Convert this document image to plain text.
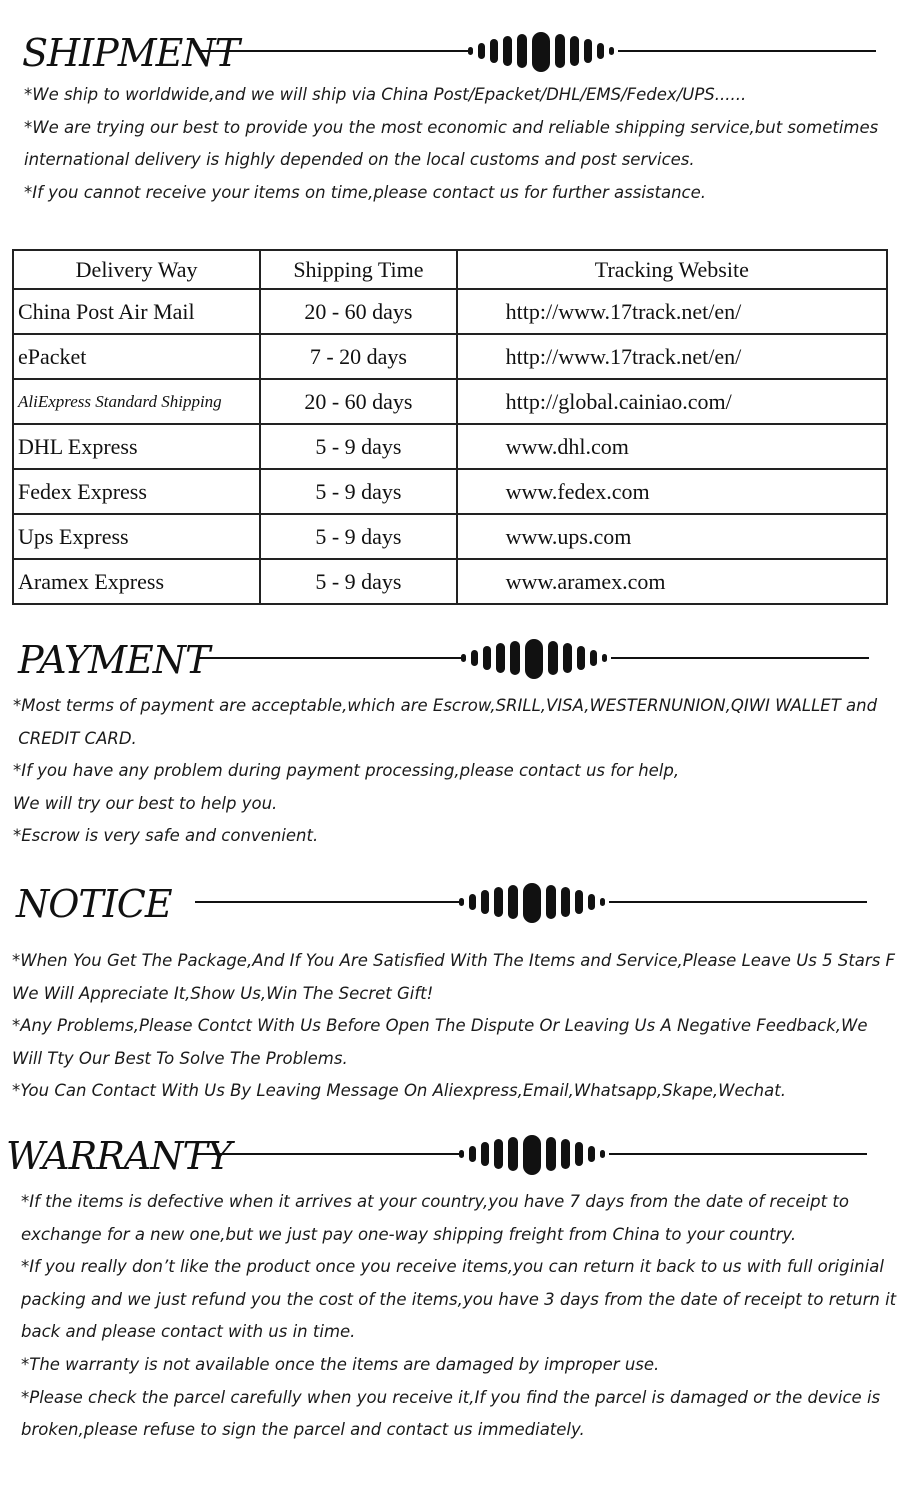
SHIPMENT

*We ship to worldwide,and we will ship via China Post/Epacket/DHL/EMS/Fedex/UPS......

*We are trying our best to provide you the most economic and reliable shipping service,but sometimes

international delivery is highly depended on the local customs and post services.

*If you cannot receive your items on time,please contact us for further assistance.

Delivery Way	Shipping Time	Tracking Website
China Post Air Mail	20 - 60 days	http://www.17track.net/en/
ePacket	7 - 20 days	http://www.17track.net/en/
AliExpress Standard Shipping	20 - 60 days	http://global.cainiao.com/
DHL Express	5 - 9 days	www.dhl.com
Fedex Express	5 - 9 days	www.fedex.com
Ups Express	5 - 9 days	www.ups.com
Aramex Express	5 - 9 days	www.aramex.com
PAYMENT

*Most terms of payment are acceptable,which are Escrow,SRILL,VISA,WESTERNUNION,QIWI WALLET and

CREDIT CARD.

*If you have any problem during payment processing,please contact us for help,

We will try our best to help you.

*Escrow is very safe and convenient.

NOTICE

*When You Get The Package,And If You Are Satisfied With The Items and Service,Please Leave Us 5 Stars F

We Will Appreciate It,Show Us,Win The Secret Gift!

*Any Problems,Please Contct With Us Before Open The Dispute Or Leaving Us A Negative Feedback,We

Will Tty Our Best To Solve The Problems.

*You Can Contact With Us By Leaving Message On Aliexpress,Email,Whatsapp,Skape,Wechat.

WARRANTY

*If the items is defective when it arrives at your country,you have 7 days from the date of receipt to

exchange for a new one,but we just pay one-way shipping freight from China to your country.

*If you really don’t like the product once you receive items,you can return it back to us with full originial

packing and we just refund you the cost of the items,you have 3 days from the date of receipt to return it

back and please contact with us in time.

*The warranty is not available once the items are damaged by improper use.

*Please check the parcel carefully when you receive it,If you find the parcel is damaged or the device is

broken,please refuse to sign the parcel and contact us immediately.
